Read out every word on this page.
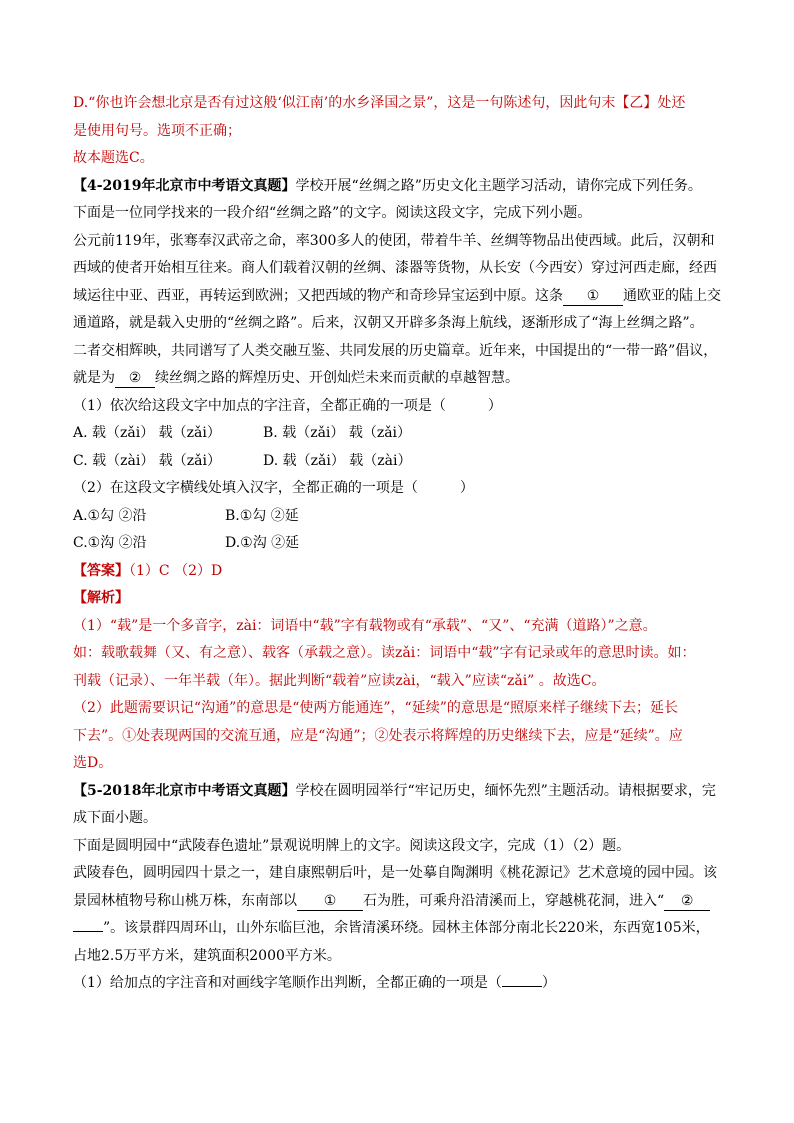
D.“你也许会想北京是否有过这般‘似江南’的水乡泽国之景”，这是一句陈述句，因此句末【乙】处还
是使用句号。选项不正确；
故本题选C。
【4-2019年北京市中考语文真题】学校开展“丝绸之路”历史文化主题学习活动，请你完成下列任务。
下面是一位同学找来的一段介绍“丝绸之路”的文字。阅读这段文字，完成下列小题。
公元前119年，张骞奉汉武帝之命，率300多人的使团，带着牛羊、丝绸等物品出使西域。此后，汉朝和
西域的使者开始相互往来。商人们载着汉朝的丝绸、漆器等货物，从长安（今西安）穿过河西走廊，经西
域运往中亚、西亚，再转运到欧洲；又把西域的物产和奇珍异宝运到中原。这条 ① 通欧亚的陆上交
通道路，就是载入史册的“丝绸之路”。后来，汉朝又开辟多条海上航线，逐渐形成了“海上丝绸之路”。
二者交相辉映，共同谱写了人类交融互鉴、共同发展的历史篇章。近年来，中国提出的“一带一路”倡议，
就是为 ② 续丝绸之路的辉煌历史、开创灿烂未来而贡献的卓越智慧。
（1）依次给这段文字中加点的字注音，全都正确的一项是（	）
A. 载（zǎi） 载（zǎi）	B. 载（zǎi） 载（zǎi）
C. 载（zài） 载（zǎi）	D. 载（zǎi） 载（zài）
（2）在这段文字横线处填入汉字，全都正确的一项是（	）
A.①勾 ②沿	B.①勾 ②延
C.①沟 ②沿	D.①沟 ②延
【答案】（1）C （2）D
【解析】
（1）“载”是一个多音字，zài：词语中“载”字有载物或有“承载”、“又”、“充满（道路）”之意。
如：载歌载舞（又、有之意）、载客（承载之意）。读zǎi：词语中“载”字有记录或年的意思时读。如：
刊载（记录）、一年半载（年）。据此判断“载着”应读zài，“载入”应读“zǎi” 。故选C。
（2）此题需要识记“沟通”的意思是“使两方能通连”，“延续”的意思是“照原来样子继续下去；延长
下去”。①处表现两国的交流互通，应是“沟通”；②处表示将辉煌的历史继续下去，应是“延续”。应
选D。
【5-2018年北京市中考语文真题】学校在圆明园举行“牢记历史，缅怀先烈”主题活动。请根据要求，完
成下面小题。
下面是圆明园中“武陵春色遗址”景观说明牌上的文字。阅读这段文字，完成（1）（2）题。
武陵春色，圆明园四十景之一，建自康熙朝后叶，是一处摹自陶渊明《桃花源记》艺术意境的园中园。该
景园林植物号称山桃万株，东南部以 ① 石为胜，可乘舟沿清溪而上，穿越桃花洞，进入“ ②
”。该景群四周环山，山外东临巨池，余皆清溪环绕。园林主体部分南北长220米，东西宽105米，
占地2.5万平方米，建筑面积2000平方米。
（1）给加点的字注音和对画线字笔顺作出判断，全都正确的一项是（	）
